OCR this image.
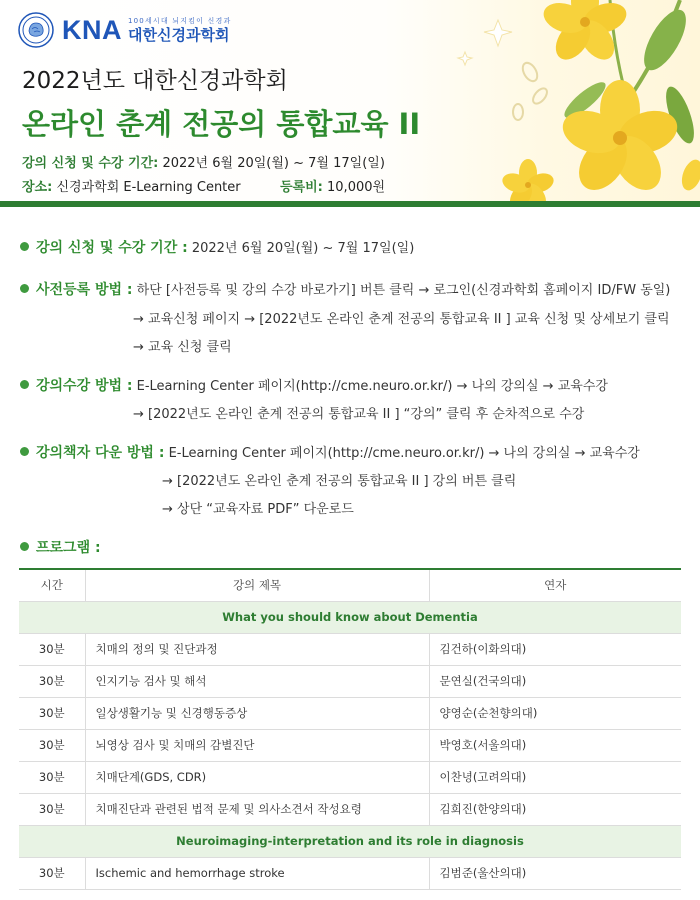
KNA 100세시대 뇌지킴이 신경과
대한신경과학회
2022년도 대한신경과학회
온라인 춘계 전공의 통합교육 II
강의 신청 및 수강 기간: 2022년 6월 20일(월) ~ 7월 17일(일)
장소: 신경과학회 E-Learning Center	등록비: 10,000원
강의 신청 및 수강 기간 : 2022년 6월 20일(월) ~ 7월 17일(일)
사전등록 방법 : 하단 [사전등록 및 강의 수강 바로가기] 버튼 클릭 → 로그인(신경과학회 홈페이지 ID/FW 동일)
→ 교육신청 페이지 → [2022년도 온라인 춘계 전공의 통합교육 II ] 교육 신청 및 상세보기 클릭
→ 교육 신청 클릭
강의수강 방법 : E-Learning Center 페이지(http://cme.neuro.or.kr/) → 나의 강의실 → 교육수강
→ [2022년도 온라인 춘계 전공의 통합교육 II ] “강의” 클릭 후 순차적으로 수강
강의책자 다운 방법 : E-Learning Center 페이지(http://cme.neuro.or.kr/) → 나의 강의실 → 교육수강
→ [2022년도 온라인 춘계 전공의 통합교육 II ] 강의 버튼 클릭
→ 상단 “교육자료 PDF” 다운로드
프로그램 :
시간	강의 제목	연자
What you should know about Dementia		
30분	치매의 정의 및 진단과정	김건하(이화의대)
30분	인지기능 검사 및 해석	문연실(건국의대)
30분	일상생활기능 및 신경행동증상	양영순(순천향의대)
30분	뇌영상 검사 및 치매의 감별진단	박영호(서울의대)
30분	치매단계(GDS, CDR)	이찬녕(고려의대)
30분	치매진단과 관련된 법적 문제 및 의사소견서 작성요령	김희진(한양의대)
Neuroimaging-interpretation and its role in diagnosis		
30분	Ischemic and hemorrhage stroke	김범준(울산의대)
